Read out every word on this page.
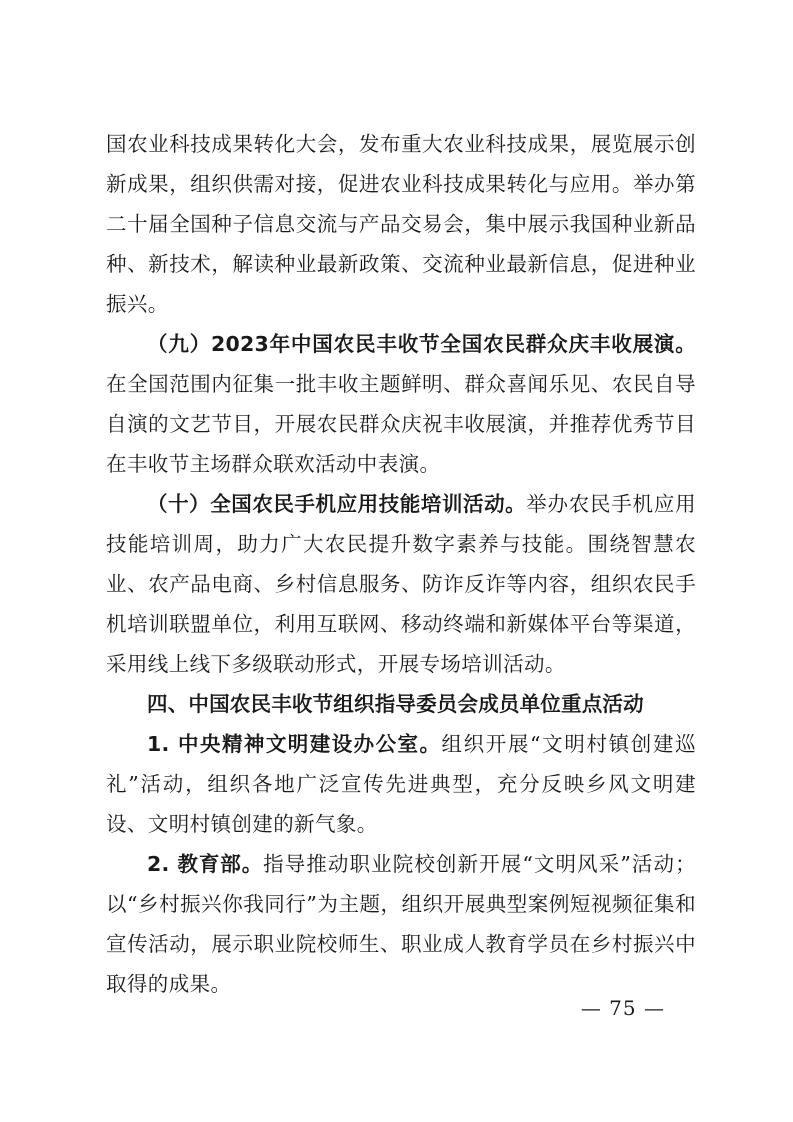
国农业科技成果转化大会，发布重大农业科技成果，展览展示创新成果，组织供需对接，促进农业科技成果转化与应用。举办第二十届全国种子信息交流与产品交易会，集中展示我国种业新品种、新技术，解读种业最新政策、交流种业最新信息，促进种业振兴。

（九）2023年中国农民丰收节全国农民群众庆丰收展演。在全国范围内征集一批丰收主题鲜明、群众喜闻乐见、农民自导自演的文艺节目，开展农民群众庆祝丰收展演，并推荐优秀节目在丰收节主场群众联欢活动中表演。

（十）全国农民手机应用技能培训活动。举办农民手机应用技能培训周，助力广大农民提升数字素养与技能。围绕智慧农业、农产品电商、乡村信息服务、防诈反诈等内容，组织农民手机培训联盟单位，利用互联网、移动终端和新媒体平台等渠道，采用线上线下多级联动形式，开展专场培训活动。

四、中国农民丰收节组织指导委员会成员单位重点活动

1. 中央精神文明建设办公室。组织开展“文明村镇创建巡礼”活动，组织各地广泛宣传先进典型，充分反映乡风文明建设、文明村镇创建的新气象。

2. 教育部。指导推动职业院校创新开展“文明风采”活动；以“乡村振兴你我同行”为主题，组织开展典型案例短视频征集和宣传活动，展示职业院校师生、职业成人教育学员在乡村振兴中取得的成果。

— 75 —
